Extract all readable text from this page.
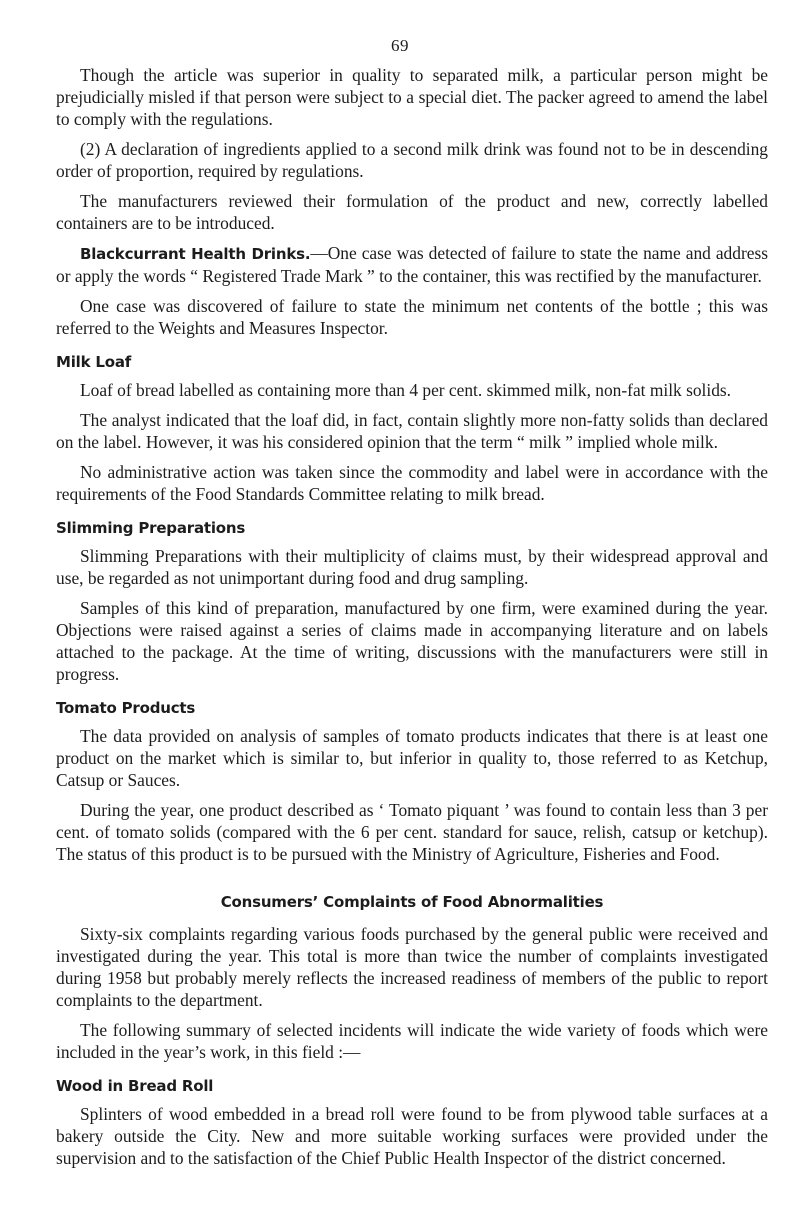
69

Though the article was superior in quality to separated milk, a particular person might be prejudicially misled if that person were subject to a special diet. The packer agreed to amend the label to comply with the regulations.

(2) A declaration of ingredients applied to a second milk drink was found not to be in descending order of proportion, required by regulations.

The manufacturers reviewed their formulation of the product and new, correctly labelled containers are to be introduced.

Blackcurrant Health Drinks.—One case was detected of failure to state the name and address or apply the words “ Registered Trade Mark ” to the container, this was rectified by the manufacturer.

One case was discovered of failure to state the minimum net contents of the bottle ; this was referred to the Weights and Measures Inspector.

Milk Loaf

Loaf of bread labelled as containing more than 4 per cent. skimmed milk, non-fat milk solids.

The analyst indicated that the loaf did, in fact, contain slightly more non-fatty solids than declared on the label. However, it was his considered opinion that the term “ milk ” implied whole milk.

No administrative action was taken since the commodity and label were in accordance with the requirements of the Food Standards Committee relating to milk bread.

Slimming Preparations

Slimming Preparations with their multiplicity of claims must, by their widespread approval and use, be regarded as not unimportant during food and drug sampling.

Samples of this kind of preparation, manufactured by one firm, were examined during the year. Objections were raised against a series of claims made in accompanying literature and on labels attached to the package. At the time of writing, discussions with the manufacturers were still in progress.

Tomato Products

The data provided on analysis of samples of tomato products indicates that there is at least one product on the market which is similar to, but inferior in quality to, those referred to as Ketchup, Catsup or Sauces.

During the year, one product described as ‘ Tomato piquant ’ was found to contain less than 3 per cent. of tomato solids (compared with the 6 per cent. standard for sauce, relish, catsup or ketchup). The status of this product is to be pursued with the Ministry of Agriculture, Fisheries and Food.

Consumers’ Complaints of Food Abnormalities

Sixty-six complaints regarding various foods purchased by the general public were received and investigated during the year. This total is more than twice the number of complaints investigated during 1958 but probably merely reflects the increased readiness of members of the public to report complaints to the department.

The following summary of selected incidents will indicate the wide variety of foods which were included in the year’s work, in this field :—

Wood in Bread Roll

Splinters of wood embedded in a bread roll were found to be from plywood table surfaces at a bakery outside the City. New and more suitable working surfaces were provided under the supervision and to the satisfaction of the Chief Public Health Inspector of the district concerned.
